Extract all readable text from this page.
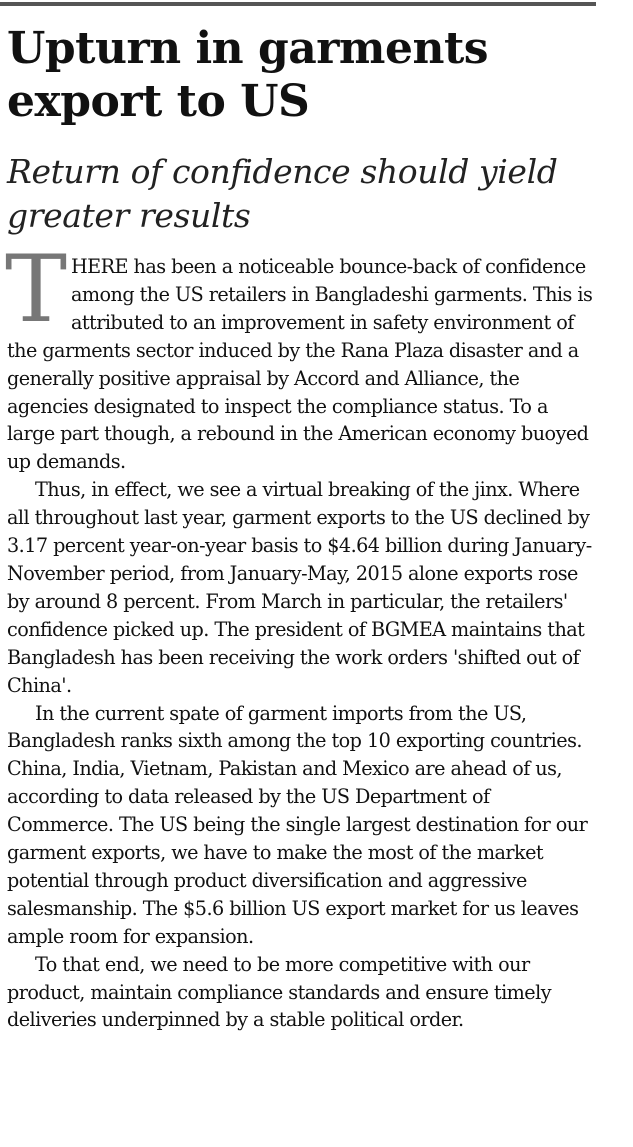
Upturn in garments export to US
Return of confidence should yield greater results

THERE has been a noticeable bounce-back of confidence among the US retailers in Bangladeshi garments. This is attributed to an improvement in safety environment of the garments sector induced by the Rana Plaza disaster and a generally positive appraisal by Accord and Alliance, the agencies designated to inspect the compliance status. To a large part though, a rebound in the American economy buoyed up demands.

Thus, in effect, we see a virtual breaking of the jinx. Where all throughout last year, garment exports to the US declined by 3.17 percent year-on-year basis to $4.64 billion during January-November period, from January-May, 2015 alone exports rose by around 8 percent. From March in particular, the retailers' confidence picked up. The president of BGMEA maintains that Bangladesh has been receiving the work orders 'shifted out of China'.

In the current spate of garment imports from the US, Bangladesh ranks sixth among the top 10 exporting countries. China, India, Vietnam, Pakistan and Mexico are ahead of us, according to data released by the US Department of Commerce. The US being the single largest destination for our garment exports, we have to make the most of the market potential through product diversification and aggressive salesmanship. The $5.6 billion US export market for us leaves ample room for expansion.

To that end, we need to be more competitive with our product, maintain compliance standards and ensure timely deliveries underpinned by a stable political order.
